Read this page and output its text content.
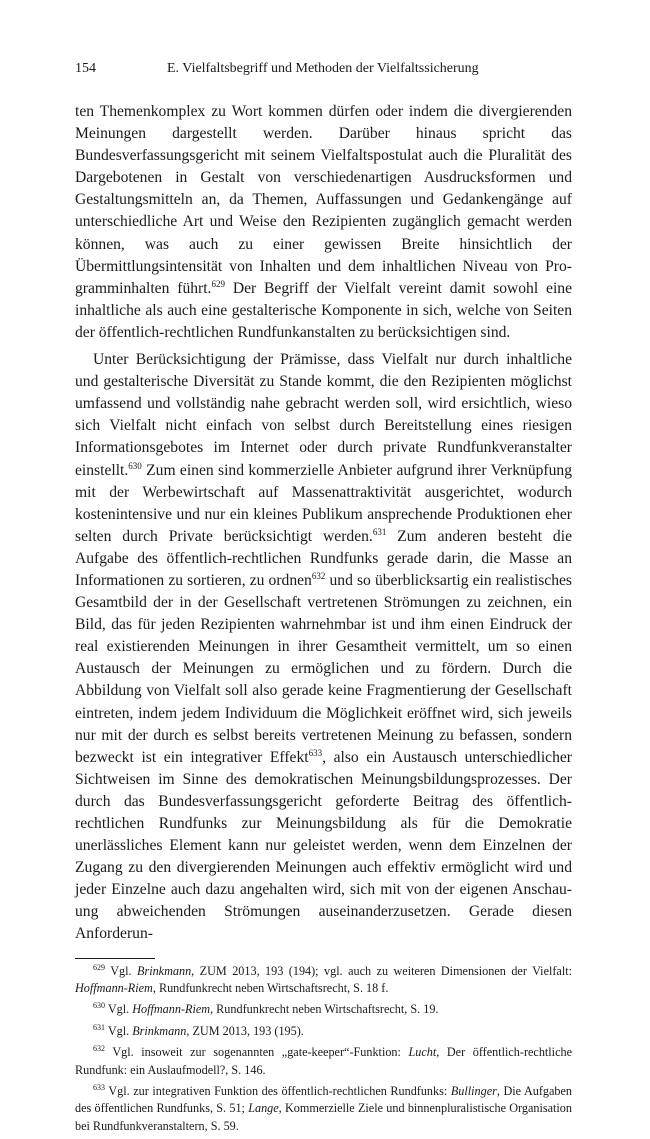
154	E. Vielfaltsbegriff und Methoden der Vielfaltssicherung

ten Themenkomplex zu Wort kommen dürfen oder indem die divergierenden Meinungen dargestellt werden. Darüber hinaus spricht das Bundesverfassungsgericht mit seinem Vielfaltspostulat auch die Pluralität des Dargebotenen in Gestalt von verschiedenartigen Ausdrucksformen und Gestaltungsmitteln an, da Themen, Auffassungen und Gedankengänge auf unterschiedliche Art und Weise den Rezipienten zugänglich gemacht werden können, was auch zu einer gewissen Breite hinsichtlich der Übermittlungsintensität von Inhalten und dem inhaltlichen Niveau von Programminhalten führt.$^{629}$ Der Begriff der Vielfalt vereint damit sowohl eine inhaltliche als auch eine gestalterische Komponente in sich, welche von Seiten der öffentlich-rechtlichen Rundfunkanstalten zu berücksichtigen sind.

Unter Berücksichtigung der Prämisse, dass Vielfalt nur durch inhaltliche und gestalterische Diversität zu Stande kommt, die den Rezipienten möglichst umfassend und vollständig nahe gebracht werden soll, wird ersichtlich, wieso sich Vielfalt nicht einfach von selbst durch Bereitstellung eines riesigen Informationsgebotes im Internet oder durch private Rundfunkveranstalter einstellt.$^{630}$ Zum einen sind kommerzielle Anbieter aufgrund ihrer Verknüpfung mit der Werbewirtschaft auf Massenattraktivität ausgerichtet, wodurch kostenintensive und nur ein kleines Publikum ansprechende Produktionen eher selten durch Private berücksichtigt werden.$^{631}$ Zum anderen besteht die Aufgabe des öffentlich-rechtlichen Rundfunks gerade darin, die Masse an Informationen zu sortieren, zu ordnen$^{632}$ und so überblicksartig ein realistisches Gesamtbild der in der Gesellschaft vertretenen Strömungen zu zeichnen, ein Bild, das für jeden Rezipienten wahrnehmbar ist und ihm einen Eindruck der real existierenden Meinungen in ihrer Gesamtheit vermittelt, um so einen Austausch der Meinungen zu ermöglichen und zu fördern. Durch die Abbildung von Vielfalt soll also gerade keine Fragmentierung der Gesellschaft eintreten, indem jedem Individuum die Möglichkeit eröffnet wird, sich jeweils nur mit der durch es selbst bereits vertretenen Meinung zu befassen, sondern bezweckt ist ein integrativer Effekt$^{633}$, also ein Austausch unterschiedlicher Sichtweisen im Sinne des demokratischen Meinungsbildungsprozesses. Der durch das Bundesverfassungsgericht geforderte Beitrag des öffentlich-rechtlichen Rundfunks zur Meinungsbildung als für die Demokratie unerlässliches Element kann nur geleistet werden, wenn dem Einzelnen der Zugang zu den divergierenden Meinungen auch effektiv ermöglicht wird und jeder Einzelne auch dazu angehalten wird, sich mit von der eigenen Anschauung abweichenden Strömungen auseinanderzusetzen. Gerade diesen Anforderun-

$^{629}$ Vgl. Brinkmann, ZUM 2013, 193 (194); vgl. auch zu weiteren Dimensionen der Vielfalt: Hoffmann-Riem, Rundfunkrecht neben Wirtschaftsrecht, S. 18 f.

$^{630}$ Vgl. Hoffmann-Riem, Rundfunkrecht neben Wirtschaftsrecht, S. 19.

$^{631}$ Vgl. Brinkmann, ZUM 2013, 193 (195).

$^{632}$ Vgl. insoweit zur sogenannten „gate-keeper“-Funktion: Lucht, Der öffentlich-rechtliche Rundfunk: ein Auslaufmodell?, S. 146.

$^{633}$ Vgl. zur integrativen Funktion des öffentlich-rechtlichen Rundfunks: Bullinger, Die Aufgaben des öffentlichen Rundfunks, S. 51; Lange, Kommerzielle Ziele und binnenpluralistische Organisation bei Rundfunkveranstaltern, S. 59.
